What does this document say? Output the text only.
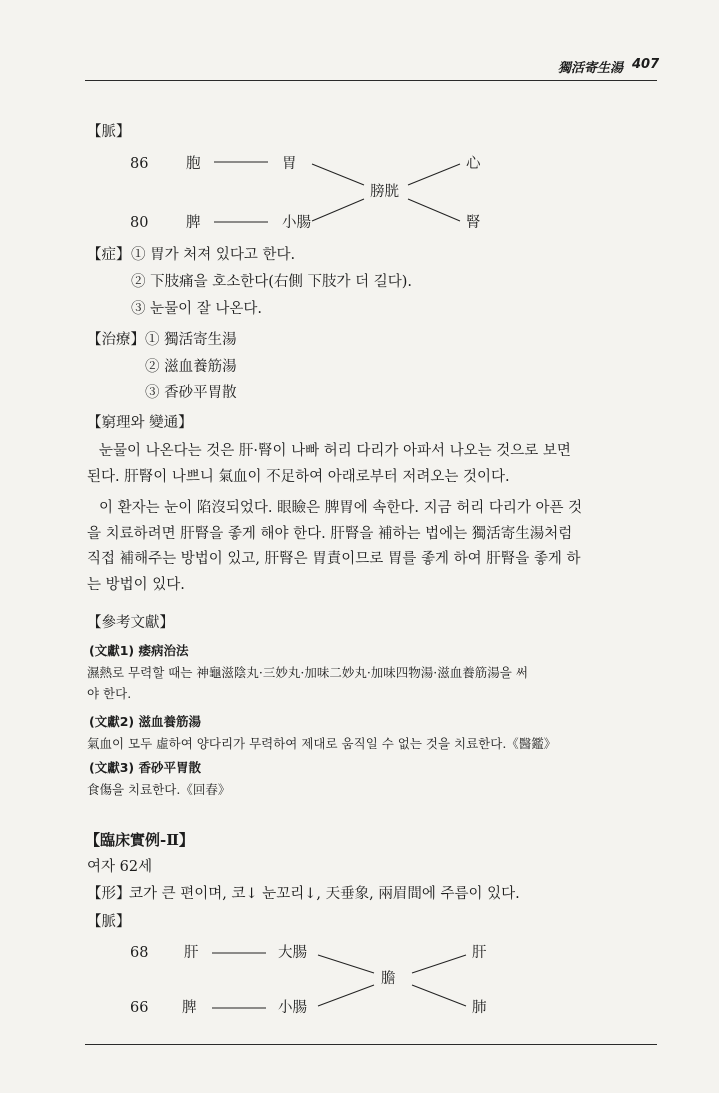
獨活寄生湯 407
【脈】
86	胞	胃	心
膀胱
80	脾	小腸	腎
【症】 ① 胃가 처져 있다고 한다.
② 下肢痛을 호소한다(右側 下肢가 더 길다).
③ 눈물이 잘 나온다.
【治療】 ① 獨活寄生湯
② 滋血養筋湯
③ 香砂平胃散
【窮理와 變通】
눈물이 나온다는 것은 肝·腎이 나빠 허리 다리가 아파서 나오는 것으로 보면
된다. 肝腎이 나쁘니 氣血이 不足하여 아래로부터 저려오는 것이다.
이 환자는 눈이 陷沒되었다. 眼瞼은 脾胃에 속한다. 지금 허리 다리가 아픈 것
을 치료하려면 肝腎을 좋게 해야 한다. 肝腎을 補하는 법에는 獨活寄生湯처럼
직접 補해주는 방법이 있고, 肝腎은 胃責이므로 胃를 좋게 하여 肝腎을 좋게 하
는 방법이 있다.
【參考文獻】
(文獻1) 痿病治法
濕熱로 무력할 때는 神龜滋陰丸·三妙丸·加味二妙丸·加味四物湯·滋血養筋湯을 써
야 한다.
(文獻2) 滋血養筋湯
氣血이 모두 虛하여 양다리가 무력하여 제대로 움직일 수 없는 것을 치료한다.《醫鑑》
(文獻3) 香砂平胃散
食傷을 치료한다.《回春》
【臨床實例-Ⅱ】
여자 62세
【形】
코가 큰 편이며, 코↓ 눈꼬리↓, 天垂象, 兩眉間에 주름이 있다.
【脈】
68 肝	大腸	肝
膽
66 脾	小腸	肺
